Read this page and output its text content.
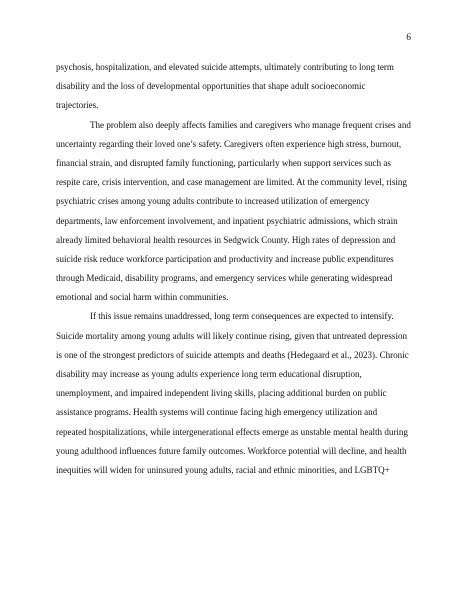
6
psychosis, hospitalization, and elevated suicide attempts, ultimately contributing to long term
disability and the loss of developmental opportunities that shape adult socioeconomic
trajectories.
The problem also deeply affects families and caregivers who manage frequent crises and
uncertainty regarding their loved one’s safety. Caregivers often experience high stress, burnout,
financial strain, and disrupted family functioning, particularly when support services such as
respite care, crisis intervention, and case management are limited. At the community level, rising
psychiatric crises among young adults contribute to increased utilization of emergency
departments, law enforcement involvement, and inpatient psychiatric admissions, which strain
already limited behavioral health resources in Sedgwick County. High rates of depression and
suicide risk reduce workforce participation and productivity and increase public expenditures
through Medicaid, disability programs, and emergency services while generating widespread
emotional and social harm within communities.
If this issue remains unaddressed, long term consequences are expected to intensify.
Suicide mortality among young adults will likely continue rising, given that untreated depression
is one of the strongest predictors of suicide attempts and deaths (Hedegaard et al., 2023). Chronic
disability may increase as young adults experience long term educational disruption,
unemployment, and impaired independent living skills, placing additional burden on public
assistance programs. Health systems will continue facing high emergency utilization and
repeated hospitalizations, while intergenerational effects emerge as unstable mental health during
young adulthood influences future family outcomes. Workforce potential will decline, and health
inequities will widen for uninsured young adults, racial and ethnic minorities, and LGBTQ+
